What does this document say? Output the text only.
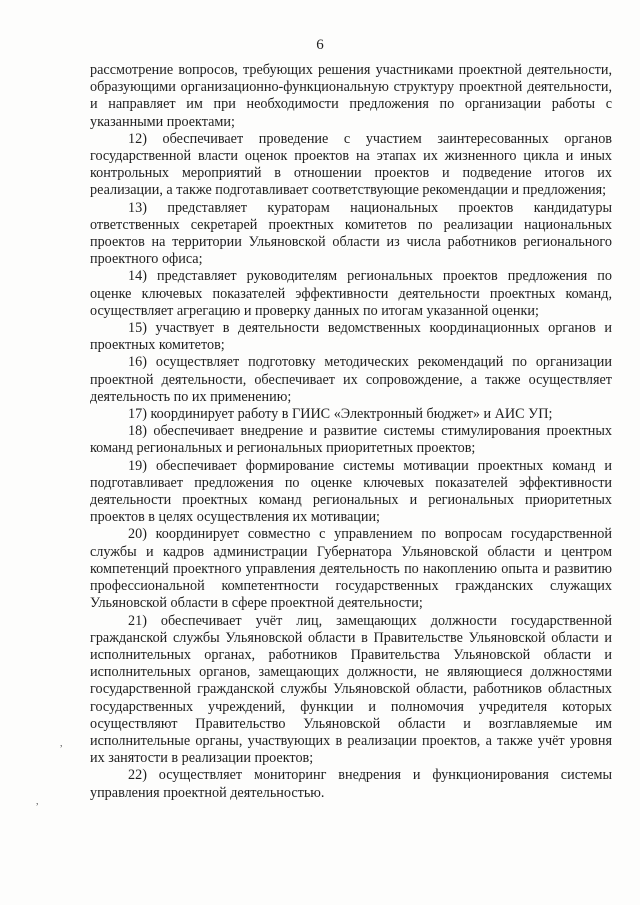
6

рассмотрение вопросов, требующих решения участниками проектной деятельности, образующими организационно-функциональную структуру проектной деятельности, и направляет им при необходимости предложения по организации работы с указанными проектами;

12) обеспечивает проведение с участием заинтересованных органов государственной власти оценок проектов на этапах их жизненного цикла и иных контрольных мероприятий в отношении проектов и подведение итогов их реализации, а также подготавливает соответствующие рекомендации и предложения;

13) представляет кураторам национальных проектов кандидатуры ответственных секретарей проектных комитетов по реализации национальных проектов на территории Ульяновской области из числа работников регионального проектного офиса;

14) представляет руководителям региональных проектов предложения по оценке ключевых показателей эффективности деятельности проектных команд, осуществляет агрегацию и проверку данных по итогам указанной оценки;

15) участвует в деятельности ведомственных координационных органов и проектных комитетов;

16) осуществляет подготовку методических рекомендаций по организации проектной деятельности, обеспечивает их сопровождение, а также осуществляет деятельность по их применению;

17) координирует работу в ГИИС «Электронный бюджет» и АИС УП;

18) обеспечивает внедрение и развитие системы стимулирования проектных команд региональных и региональных приоритетных проектов;

19) обеспечивает формирование системы мотивации проектных команд и подготавливает предложения по оценке ключевых показателей эффективности деятельности проектных команд региональных и региональных приоритетных проектов в целях осуществления их мотивации;

20) координирует совместно с управлением по вопросам государственной службы и кадров администрации Губернатора Ульяновской области и центром компетенций проектного управления деятельность по накоплению опыта и развитию профессиональной компетентности государственных гражданских служащих Ульяновской области в сфере проектной деятельности;

21) обеспечивает учёт лиц, замещающих должности государственной гражданской службы Ульяновской области в Правительстве Ульяновской области и исполнительных органах, работников Правительства Ульяновской области и исполнительных органов, замещающих должности, не являющиеся должностями государственной гражданской службы Ульяновской области, работников областных государственных учреждений, функции и полномочия учредителя которых осуществляют Правительство Ульяновской области и возглавляемые им исполнительные органы, участвующих в реализации проектов, а также учёт уровня их занятости в реализации проектов;

22) осуществляет мониторинг внедрения и функционирования системы управления проектной деятельностью.

,
,
